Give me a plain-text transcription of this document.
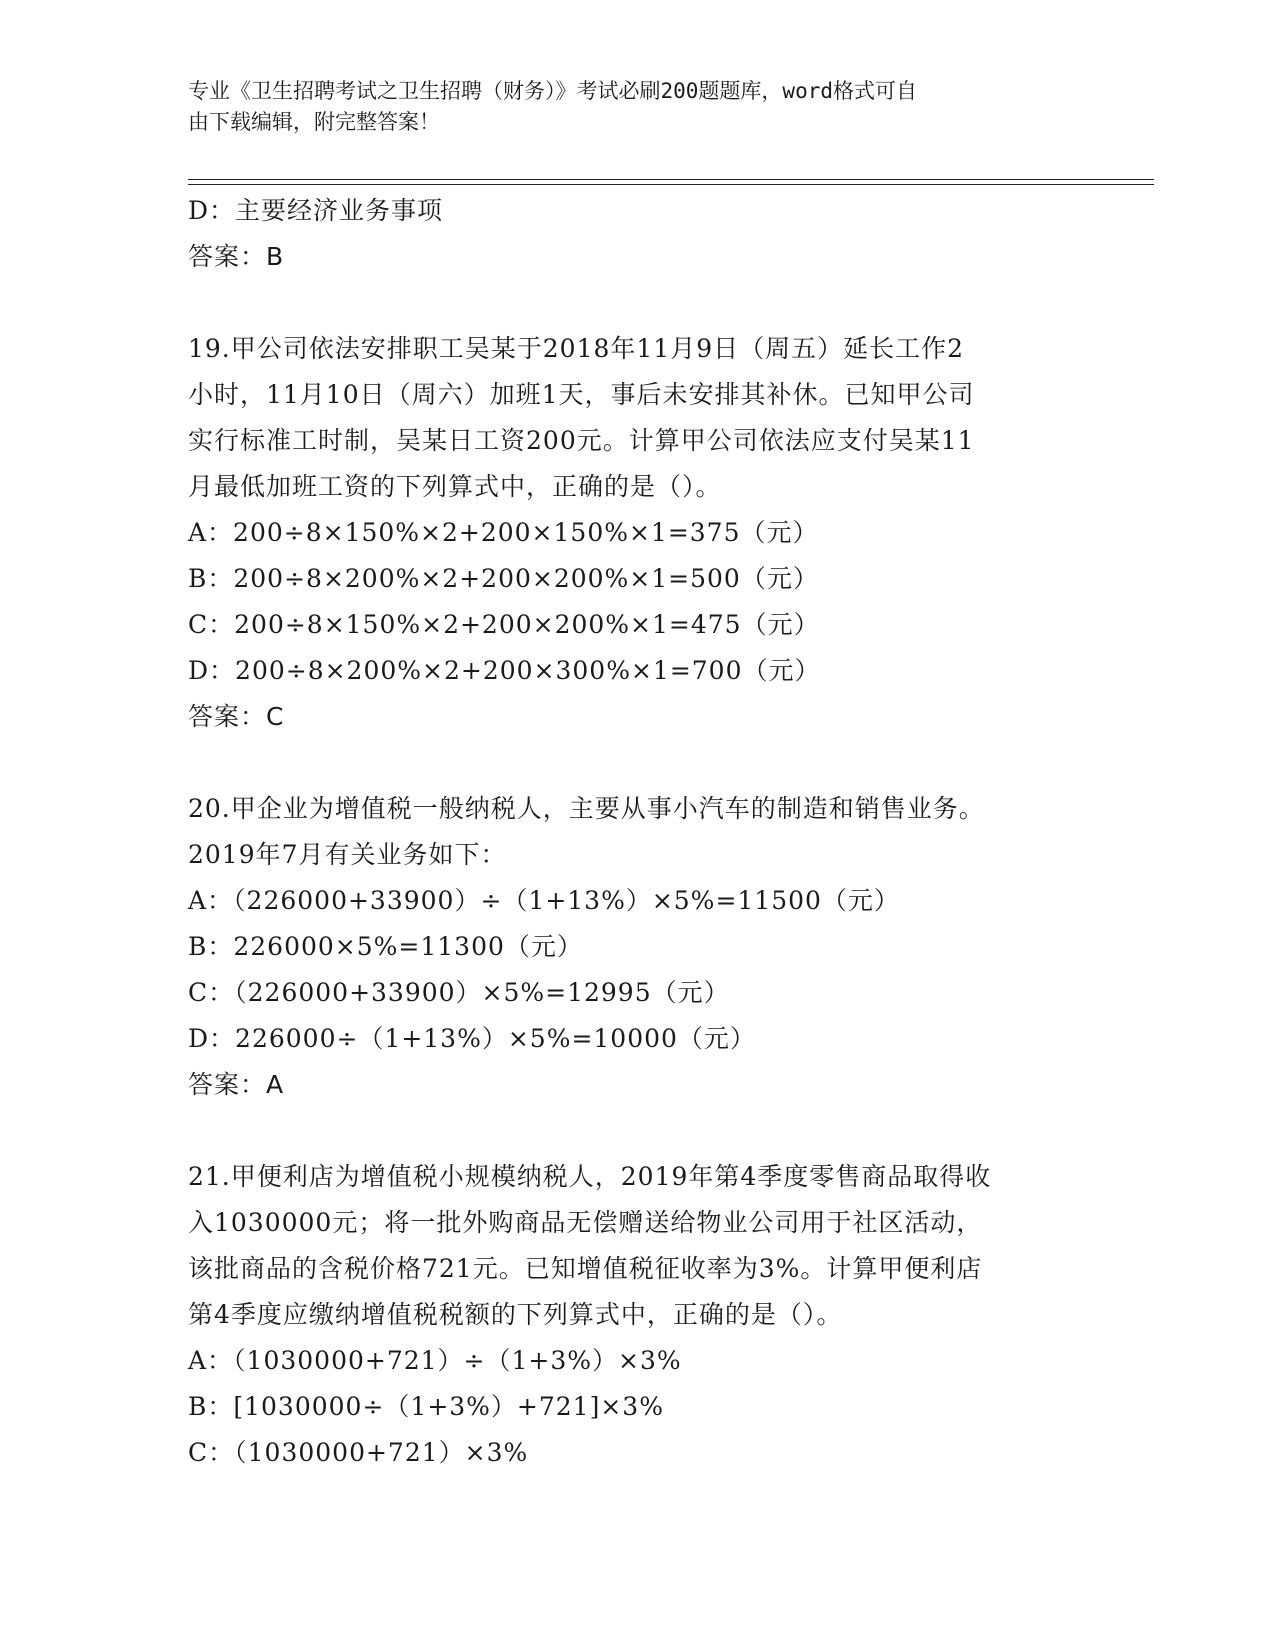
专业《卫生招聘考试之卫生招聘（财务）》考试必刷200题题库，word格式可自
由下载编辑，附完整答案！
D：主要经济业务事项
答案：B
19.甲公司依法安排职工吴某于2018年11月9日（周五）延长工作2
小时，11月10日（周六）加班1天，事后未安排其补休。已知甲公司
实行标准工时制，吴某日工资200元。计算甲公司依法应支付吴某11
月最低加班工资的下列算式中，正确的是（）。
A：200÷8×150%×2+200×150%×1=375（元）
B：200÷8×200%×2+200×200%×1=500（元）
C：200÷8×150%×2+200×200%×1=475（元）
D：200÷8×200%×2+200×300%×1=700（元）
答案：C
20.甲企业为增值税一般纳税人，主要从事小汽车的制造和销售业务。
2019年7月有关业务如下：
A：（226000+33900）÷（1+13%）×5%=11500（元）
B：226000×5%=11300（元）
C：（226000+33900）×5%=12995（元）
D：226000÷（1+13%）×5%=10000（元）
答案：A
21.甲便利店为增值税小规模纳税人，2019年第4季度零售商品取得收
入1030000元；将一批外购商品无偿赠送给物业公司用于社区活动，
该批商品的含税价格721元。已知增值税征收率为3%。计算甲便利店
第4季度应缴纳增值税税额的下列算式中，正确的是（）。
A：（1030000+721）÷（1+3%）×3%
B：[1030000÷（1+3%）+721]×3%
C：（1030000+721）×3%
